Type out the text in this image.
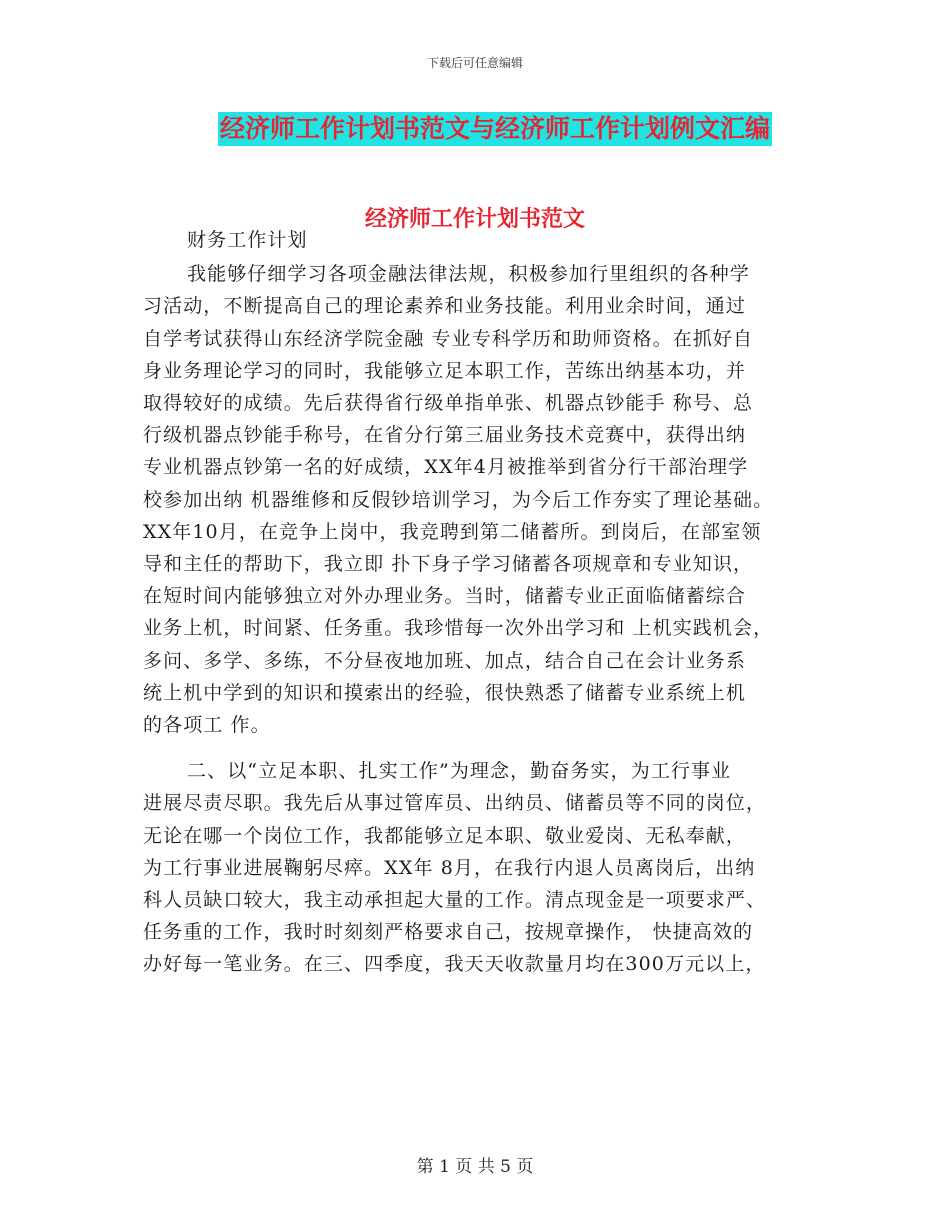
下载后可任意编辑
经济师工作计划书范文与经济师工作计划例文汇编
经济师工作计划书范文

财务工作计划

我能够仔细学习各项金融法律法规，积极参加行里组织的各种学
习活动，不断提高自己的理论素养和业务技能。利用业余时间，通过
自学考试获得山东经济学院金融 专业专科学历和助师资格。在抓好自
身业务理论学习的同时，我能够立足本职工作，苦练出纳基本功，并
取得较好的成绩。先后获得省行级单指单张、机器点钞能手 称号、总
行级机器点钞能手称号，在省分行第三届业务技术竞赛中，获得出纳
专业机器点钞第一名的好成绩，XX年4月被推举到省分行干部治理学
校参加出纳 机器维修和反假钞培训学习，为今后工作夯实了理论基础。
XX年10月，在竞争上岗中，我竞聘到第二储蓄所。到岗后，在部室领
导和主任的帮助下，我立即 扑下身子学习储蓄各项规章和专业知识，
在短时间内能够独立对外办理业务。当时，储蓄专业正面临储蓄综合
业务上机，时间紧、任务重。我珍惜每一次外出学习和 上机实践机会，
多问、多学、多练，不分昼夜地加班、加点，结合自己在会计业务系
统上机中学到的知识和摸索出的经验，很快熟悉了储蓄专业系统上机
的各项工 作。

二、以“立足本职、扎实工作”为理念，勤奋务实，为工行事业
进展尽责尽职。我先后从事过管库员、出纳员、储蓄员等不同的岗位，
无论在哪一个岗位工作，我都能够立足本职、敬业爱岗、无私奉献，
为工行事业进展鞠躬尽瘁。XX年 8月，在我行内退人员离岗后，出纳
科人员缺口较大，我主动承担起大量的工作。清点现金是一项要求严、
任务重的工作，我时时刻刻严格要求自己，按规章操作， 快捷高效的
办好每一笔业务。在三、四季度，我天天收款量月均在300万元以上，

第 1 页 共 5 页
